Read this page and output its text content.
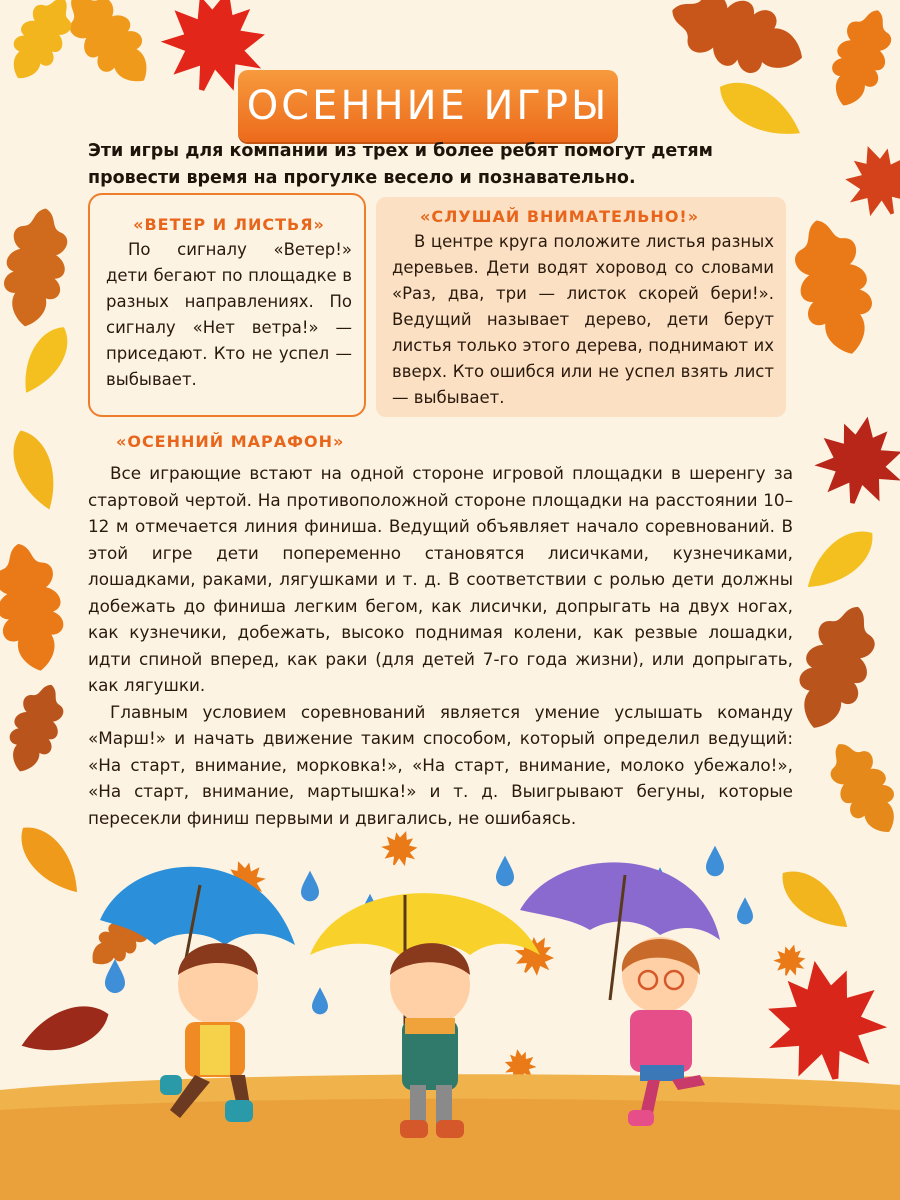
ОСЕННИЕ ИГРЫ
Эти игры для компании из трех и более ребят помогут детям провести время на прогулке весело и познавательно.
«ВЕТЕР И ЛИСТЬЯ»
По сигналу «Ветер!» дети бегают по площадке в разных направлениях. По сигналу «Нет ветра!» — приседают. Кто не успел — выбывает.
«СЛУШАЙ ВНИМАТЕЛЬНО!»
В центре круга положите листья разных деревьев. Дети водят хоровод со словами «Раз, два, три — листок скорей бери!». Ведущий называет дерево, дети берут листья только этого дерева, поднимают их вверх. Кто ошибся или не успел взять лист — выбывает.
«ОСЕННИЙ МАРАФОН»
Все играющие встают на одной стороне игровой площадки в шеренгу за стартовой чертой. На противоположной стороне площадки на расстоянии 10–12 м отмечается линия финиша. Ведущий объявляет начало соревнований. В этой игре дети попеременно становятся лисичками, кузнечиками, лошадками, раками, лягушками и т. д. В соответствии с ролью дети должны добежать до финиша легким бегом, как лисички, допрыгать на двух ногах, как кузнечики, добежать, высоко поднимая колени, как резвые лошадки, идти спиной вперед, как раки (для детей 7-го года жизни), или допрыгать, как лягушки.
Главным условием соревнований является умение услышать команду «Марш!» и начать движение таким способом, который определил ведущий: «На старт, внимание, морковка!», «На старт, внимание, молоко убежало!», «На старт, внимание, мартышка!» и т. д. Выигрывают бегуны, которые пересекли финиш первыми и двигались, не ошибаясь.
